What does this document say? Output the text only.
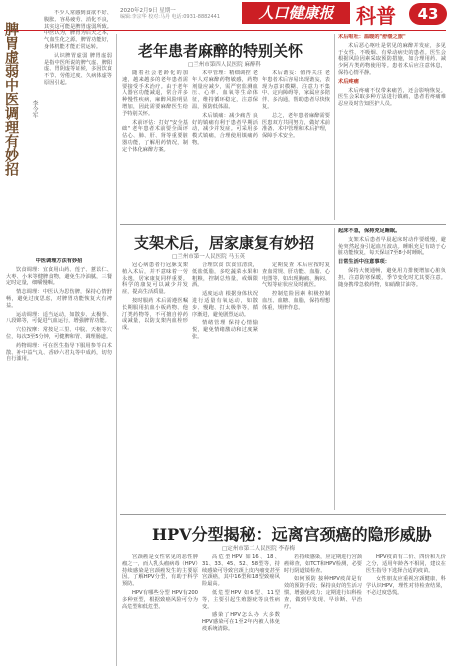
2020年2月9日 星期一
编辑:李宗华 校对:马丹 电话:0931-8882441	人口健康报	科普	43
脾胃虚弱中医调理有妙招 李令军

不少人常感到食欲不好、腹胀、容易疲劳、消化不良，其实这可能是脾胃虚弱所致。中医认为，脾胃为后天之本，气血生化之源。脾胃功能好，身体机能才能正常运转。

认识脾胃虚弱 脾胃虚弱是指中医所说的脾气虚、脾阳虚、胃阴虚等证候，多因饮食不节、劳倦过度、久病体虚等原因引起。

中医调理方法有妙招

饮食调理：宜食用山药、莲子、薏苡仁、大枣、小米等健脾食物，避免生冷油腻，三餐定时定量，细嚼慢咽。

情志调理：中医认为思伤脾，保持心情舒畅，避免过度思虑，对脾胃功能恢复大有裨益。

运动调理：适当运动，如散步、太极拳、八段锦等，可促进气血运行，增强脾胃功能。

穴位按摩：常按足三里、中脘、天枢等穴位，每次3至5分钟，可健脾和胃、调理肠道。

药物调理：可在医生指导下服用参苓白术散、补中益气丸、香砂六君丸等中成药，切勿自行滥用。

老年患者麻醉的特别关怀
□兰州市第四人民医院 麻醉科

随着社会老龄化的加速，越来越多的老年患者需要接受手术治疗。由于老年人器官功能减退，常合并多种慢性疾病，麻醉风险明显增加，因此需要麻醉医生给予特别关怀。

术前评估：打好"安全基础" 老年患者术前要全面评估心、肺、肝、肾等重要脏器功能，了解用药情况，制定个体化麻醉方案。

术中管理：精细调控 老年人对麻醉药物敏感，药物剂量应减少，需严密监测血压、心率、血氧等生命体征，维持循环稳定，注意保温，预防低体温。

术后镇痛：减少痛苦 良好的镇痛有利于患者早期活动，减少并发症。可采用多模式镇痛，合理使用镇痛药物。

术后谵妄：值得关注 老年患者术后容易出现谵妄，表现为意识模糊、注意力不集中、定向障碍等，家属应多陪伴、多沟通，帮助患者尽快恢复。

总之，老年患者麻醉需要医患双方共同努力，做好术前准备、术中管理和术后护理，保障手术安全。

术后呕吐：温暖的"舒缓之旅"

术后恶心呕吐是常见的麻醉并发症，多见于女性、不吸烟、有晕动病史的患者。医生会根据风险因素采取预防措施，如合理用药、减少阿片类药物使用等。患者术后应注意休息，保持心情平静。

术后疼痛

术后疼痛不仅带来痛苦，还会影响恢复。医生会采取多种方法进行镇痛，患者若疼痛难忍应及时告知医护人员。

支架术后，居家康复有妙招
□兰州市第一人民医院 马玉英

冠心病患者行冠脉支架植入术后，并不意味着一劳永逸，居家康复同样重要。科学的康复可以减少并发症，提高生活质量。

按时服药 术后需遵医嘱长期服用抗血小板药物、他汀类药物等，不可擅自停药或减量，以防支架内血栓形成。

合理饮食 饮食宜清淡，低盐低脂，多吃蔬菜水果和粗粮，控制总热量，戒烟限酒。

适度运动 根据身体状况进行适量有氧运动，如散步、慢跑、打太极拳等，循序渐进，避免剧烈运动。

情绪管理 保持心情愉悦，避免情绪激动和过度紧张。

定期复查 术后应按时复查血常规、肝功能、血脂、心电图等，如出现胸痛、胸闷、气短等症状应及时就医。

控制危险因素 积极控制血压、血糖、血脂，保持理想体重，规律作息。

起床不急，保持充足睡眠。

支架术后患者早晨起床时动作要缓慢，避免突然起身引起血压波动。睡眠充足有助于心脏功能恢复，每天保证7至8小时睡眠。

日常生活中注意事项：

保持大便通畅，避免用力排便增加心脏负担。注意防寒保暖，季节变化时尤其要注意。随身携带急救药物，如硝酸甘油等。

HPV分型揭秘：远离宫颈癌的隐形威胁
□定州市第二人民医院 李春梅

宫颈癌是女性常见的恶性肿瘤之一，而人乳头瘤病毒（HPV）持续感染是宫颈癌发生的主要原因。了解HPV分型，有助于科学预防。

HPV有哪些分型 HPV有200多种亚型，根据致癌风险可分为高危型和低危型。

高危型HPV 如16、18、31、33、45、52、58型等，持续感染可导致宫颈上皮内瘤变甚至宫颈癌，其中16型和18型致癌风险最高。

低危型HPV 如6型、11型等，主要引起生殖器疣等良性病变。

感染了HPV怎么办 大多数HPV感染可在1至2年内被人体免疫系统清除。

若持续感染，应定期进行宫颈癌筛查，如TCT和HPV检测，必要时行阴道镜检查。

如何预防 接种HPV疫苗是有效的预防手段；保持良好的生活习惯，增强免疫力；定期进行妇科检查，做到早发现、早诊断、早治疗。

HPV疫苗有二价、四价和九价之分，适用年龄各不相同，建议在医生指导下选择合适的疫苗。

女性朋友应重视宫颈健康，科学认识HPV，理性对待检查结果，不必过度恐慌。
